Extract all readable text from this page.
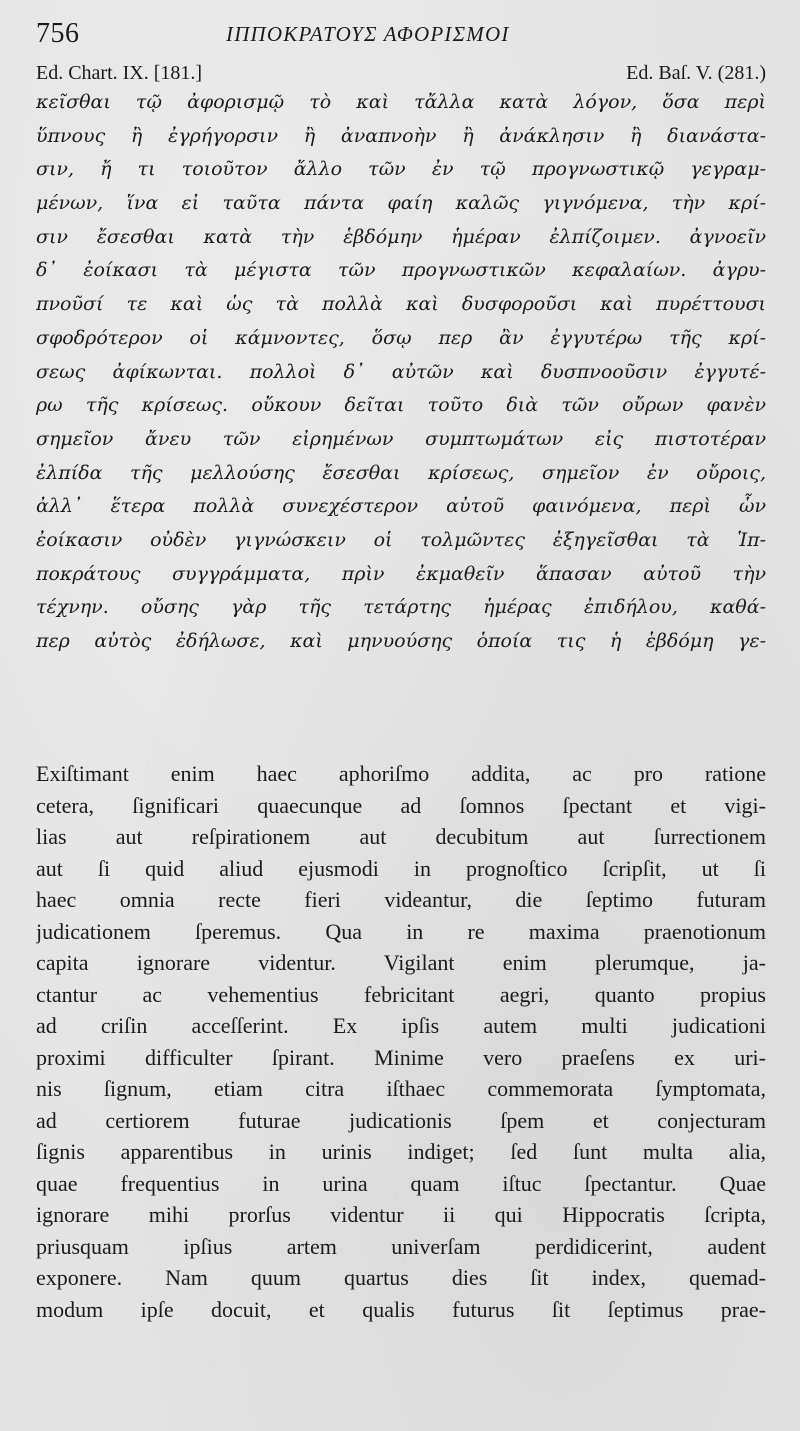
756	ΙΠΠΟΚΡΑΤΟΥΣ ΑΦΟΡΙΣΜΟΙ
Ed. Chart. IX. [181.]	Ed. Baſ. V. (281.)
κεῖσθαι τῷ ἀφορισμῷ τὸ καὶ τἄλλα κατὰ λόγον, ὅσα περὶ
ὕπνους ἢ ἐγρήγορσιν ἢ ἀναπνοὴν ἢ ἀνάκλησιν ἢ διανάστα-
σιν, ἤ τι τοιοῦτον ἄλλο τῶν ἐν τῷ προγνωστικῷ γεγραμ-
μένων, ἵνα εἰ ταῦτα πάντα φαίη καλῶς γιγνόμενα, τὴν κρί-
σιν ἔσεσθαι κατὰ τὴν ἑβδόμην ἡμέραν ἐλπίζοιμεν. ἀγνοεῖν
δ᾽ ἐοίκασι τὰ μέγιστα τῶν προγνωστικῶν κεφαλαίων. ἀγρυ-
πνοῦσί τε καὶ ὡς τὰ πολλὰ καὶ δυσφοροῦσι καὶ πυρέττουσι
σφοδρότερον οἱ κάμνοντες, ὅσῳ περ ἂν ἐγγυτέρω τῆς κρί-
σεως ἀφίκωνται. πολλοὶ δ᾽ αὐτῶν καὶ δυσπνοοῦσιν ἐγγυτέ-
ρω τῆς κρίσεως. οὔκουν δεῖται τοῦτο διὰ τῶν οὔρων φανὲν
σημεῖον ἄνευ τῶν εἰρημένων συμπτωμάτων εἰς πιστοτέραν
ἐλπίδα τῆς μελλούσης ἔσεσθαι κρίσεως, σημεῖον ἐν οὔροις,
ἀλλ᾽ ἕτερα πολλὰ συνεχέστερον αὐτοῦ φαινόμενα, περὶ ὧν
ἐοίκασιν οὐδὲν γιγνώσκειν οἱ τολμῶντες ἐξηγεῖσθαι τὰ Ἱπ-
ποκράτους συγγράμματα, πρὶν ἐκμαθεῖν ἅπασαν αὐτοῦ τὴν
τέχνην. οὔσης γὰρ τῆς τετάρτης ἡμέρας ἐπιδήλου, καθά-
περ αὐτὸς ἐδήλωσε, καὶ μηνυούσης ὁποία τις ἡ ἑβδόμη γε-
Exiſtimant enim haec aphoriſmo addita, ac pro ratione
cetera, ſignificari quaecunque ad ſomnos ſpectant et vigi-
lias aut reſpirationem aut decubitum aut ſurrectionem
aut ſi quid aliud ejusmodi in prognoſtico ſcripſit, ut ſi
haec omnia recte fieri videantur, die ſeptimo futuram
judicationem ſperemus. Qua in re maxima praenotionum
capita ignorare videntur. Vigilant enim plerumque, ja-
ctantur ac vehementius febricitant aegri, quanto propius
ad criſin acceſſerint. Ex ipſis autem multi judicationi
proximi difficulter ſpirant. Minime vero praeſens ex uri-
nis ſignum, etiam citra iſthaec commemorata ſymptomata,
ad certiorem futurae judicationis ſpem et conjecturam
ſignis apparentibus in urinis indiget; ſed ſunt multa alia,
quae frequentius in urina quam iſtuc ſpectantur. Quae
ignorare mihi prorſus videntur ii qui Hippocratis ſcripta,
priusquam ipſius artem univerſam perdidicerint, audent
exponere. Nam quum quartus dies ſit index, quemad-
modum ipſe docuit, et qualis futurus ſit ſeptimus prae-
